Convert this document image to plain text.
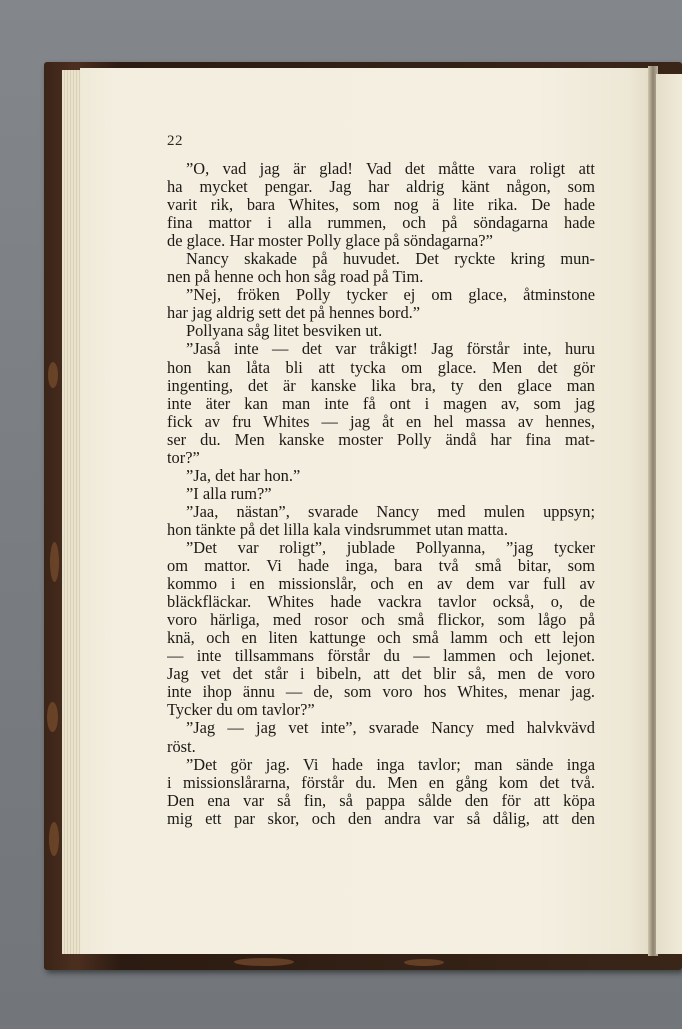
22
”O, vad jag är glad! Vad det måtte vara roligt att
ha mycket pengar. Jag har aldrig känt någon, som
varit rik, bara Whites, som nog ä lite rika. De hade
fina mattor i alla rummen, och på söndagarna hade
de glace. Har moster Polly glace på söndagarna?”
Nancy skakade på huvudet. Det ryckte kring mun-
nen på henne och hon såg road på Tim.
”Nej, fröken Polly tycker ej om glace, åtminstone
har jag aldrig sett det på hennes bord.”
Pollyana såg litet besviken ut.
”Jaså inte — det var tråkigt! Jag förstår inte, huru
hon kan låta bli att tycka om glace. Men det gör
ingenting, det är kanske lika bra, ty den glace man
inte äter kan man inte få ont i magen av, som jag
fick av fru Whites — jag åt en hel massa av hennes,
ser du. Men kanske moster Polly ändå har fina mat-
tor?”
”Ja, det har hon.”
”I alla rum?”
”Jaa, nästan”, svarade Nancy med mulen uppsyn;
hon tänkte på det lilla kala vindsrummet utan matta.
”Det var roligt”, jublade Pollyanna, ”jag tycker
om mattor. Vi hade inga, bara två små bitar, som
kommo i en missionslår, och en av dem var full av
bläckfläckar. Whites hade vackra tavlor också, o, de
voro härliga, med rosor och små flickor, som lågo på
knä, och en liten kattunge och små lamm och ett lejon
— inte tillsammans förstår du — lammen och lejonet.
Jag vet det står i bibeln, att det blir så, men de voro
inte ihop ännu — de, som voro hos Whites, menar jag.
Tycker du om tavlor?”
”Jag — jag vet inte”, svarade Nancy med halvkvävd
röst.
”Det gör jag. Vi hade inga tavlor; man sände inga
i missionslårarna, förstår du. Men en gång kom det två.
Den ena var så fin, så pappa sålde den för att köpa
mig ett par skor, och den andra var så dålig, att den
